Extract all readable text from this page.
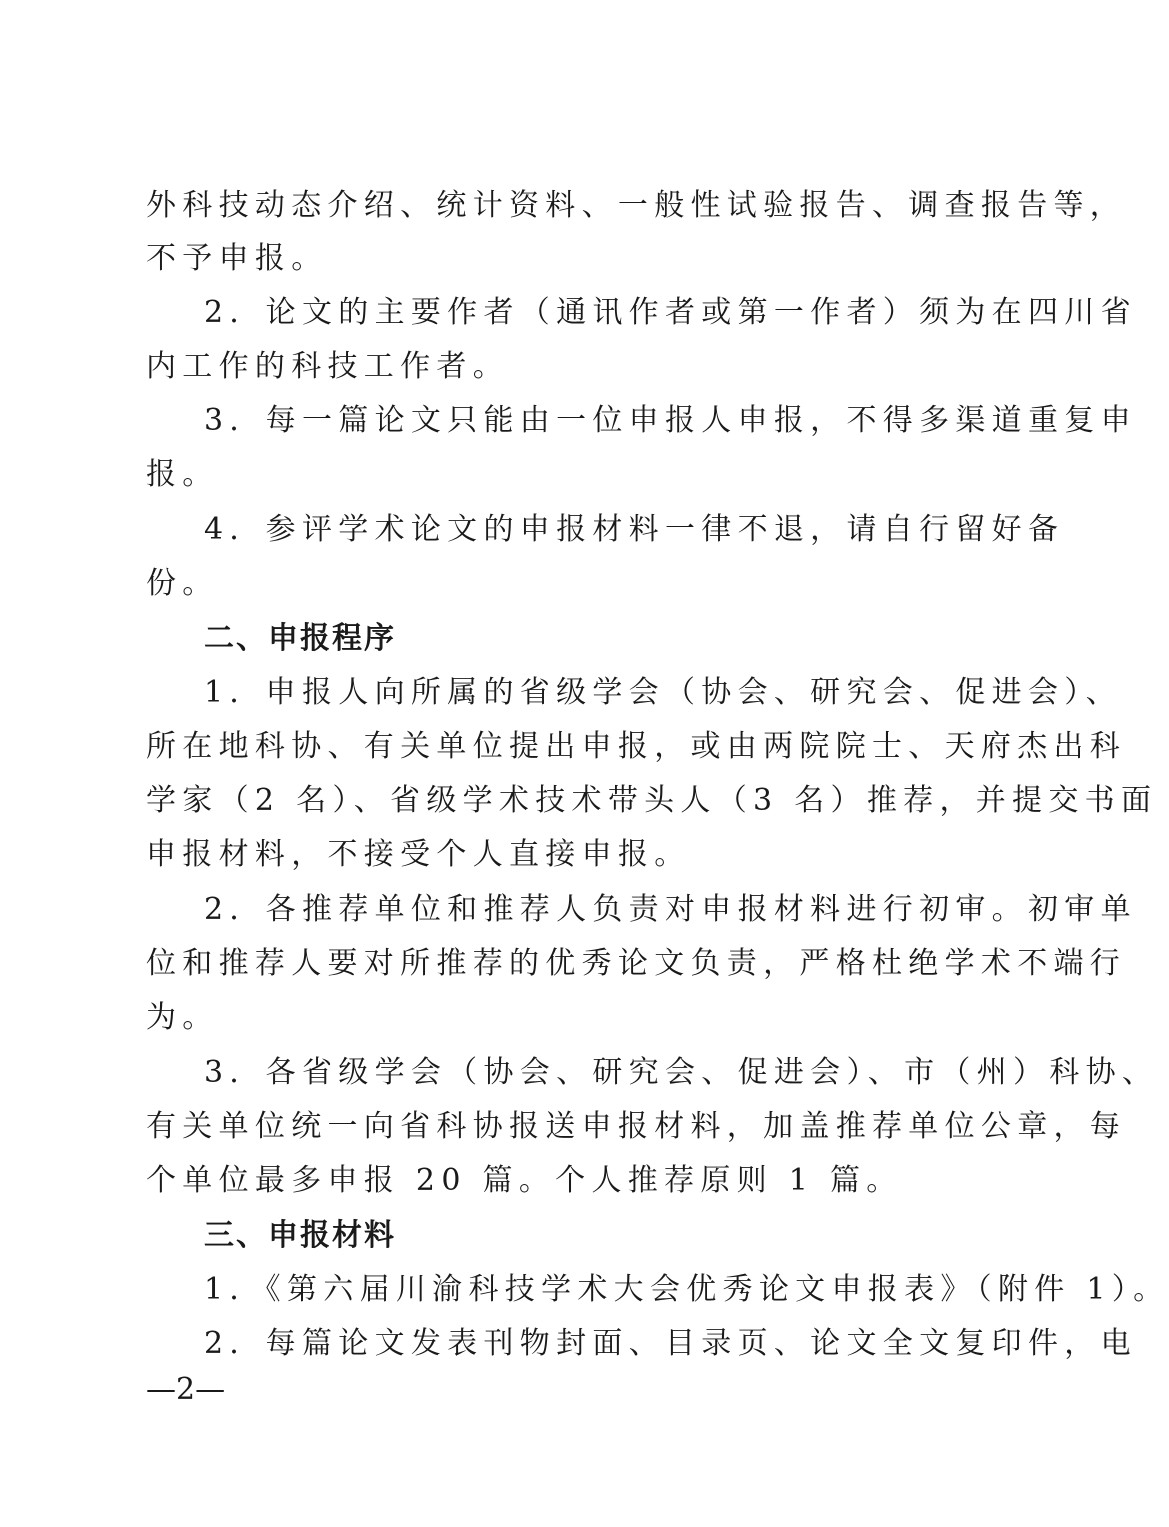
外科技动态介绍、统计资料、一般性试验报告、调查报告等，
不予申报。
2．论文的主要作者（通讯作者或第一作者）须为在四川省
内工作的科技工作者。
3．每一篇论文只能由一位申报人申报，不得多渠道重复申
报。
4．参评学术论文的申报材料一律不退，请自行留好备
份。
二、申报程序
1．申报人向所属的省级学会（协会、研究会、促进会）、
所在地科协、有关单位提出申报，或由两院院士、天府杰出科
学家（2 名）、省级学术技术带头人（3 名）推荐，并提交书面
申报材料，不接受个人直接申报。
2．各推荐单位和推荐人负责对申报材料进行初审。初审单
位和推荐人要对所推荐的优秀论文负责，严格杜绝学术不端行
为。
3．各省级学会（协会、研究会、促进会）、市（州）科协、
有关单位统一向省科协报送申报材料，加盖推荐单位公章，每
个单位最多申报 20 篇。个人推荐原则 1 篇。
三、申报材料
1．《第六届川渝科技学术大会优秀论文申报表》（附件 1）。
2．每篇论文发表刊物封面、目录页、论文全文复印件，电
—2—
